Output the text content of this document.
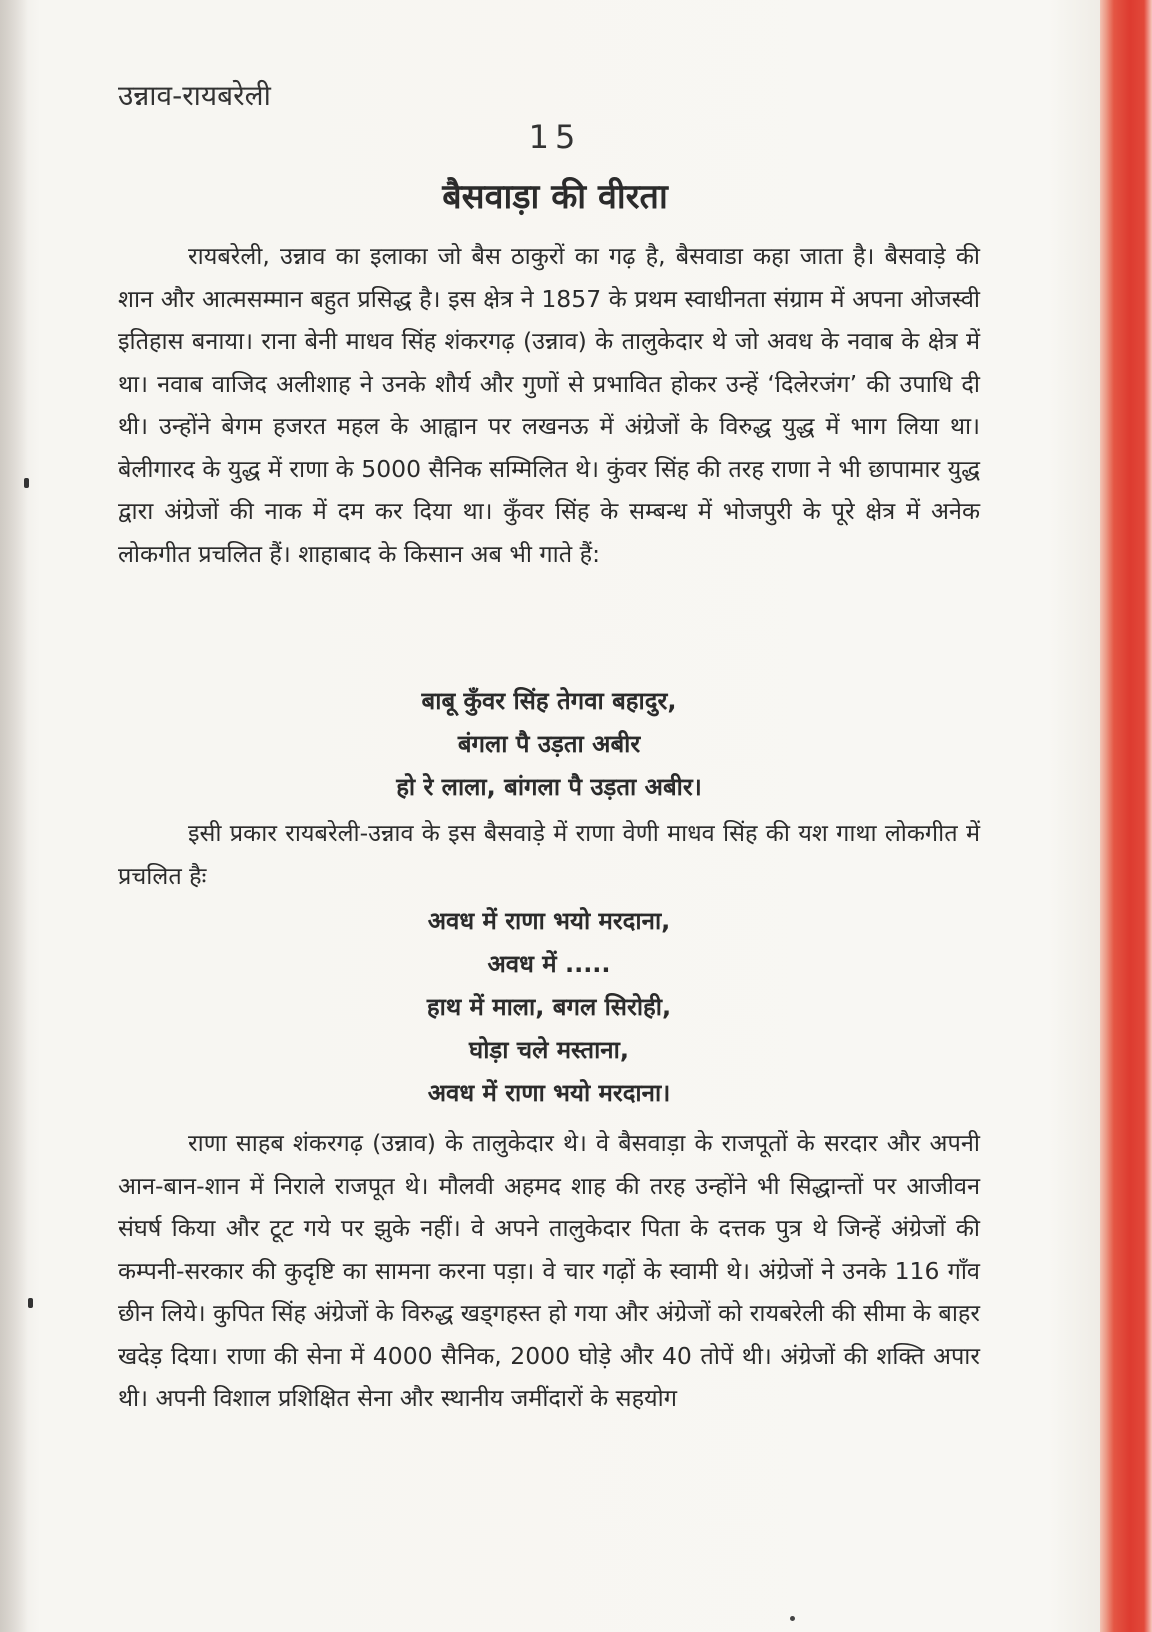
उन्नाव-रायबरेली
15
बैसवाड़ा की वीरता

रायबरेली, उन्नाव का इलाका जो बैस ठाकुरों का गढ़ है, बैसवाडा कहा जाता है। बैसवाड़े की शान और आत्मसम्मान बहुत प्रसिद्ध है। इस क्षेत्र ने 1857 के प्रथम स्वाधीनता संग्राम में अपना ओजस्वी इतिहास बनाया। राना बेनी माधव सिंह शंकरगढ़ (उन्नाव) के तालुकेदार थे जो अवध के नवाब के क्षेत्र में था। नवाब वाजिद अलीशाह ने उनके शौर्य और गुणों से प्रभावित होकर उन्हें ‘दिलेरजंग’ की उपाधि दी थी। उन्होंने बेगम हजरत महल के आह्वान पर लखनऊ में अंग्रेजों के विरुद्ध युद्ध में भाग लिया था। बेलीगारद के युद्ध में राणा के 5000 सैनिक सम्मिलित थे। कुंवर सिंह की तरह राणा ने भी छापामार युद्ध द्वारा अंग्रेजों की नाक में दम कर दिया था। कुँवर सिंह के सम्बन्ध में भोजपुरी के पूरे क्षेत्र में अनेक लोकगीत प्रचलित हैं। शाहाबाद के किसान अब भी गाते हैं:

बाबू कुँवर सिंह तेगवा बहादुर,
बंगला पै उड़ता अबीर
हो रे लाला, बांगला पै उड़ता अबीर।

इसी प्रकार रायबरेली-उन्नाव के इस बैसवाड़े में राणा वेणी माधव सिंह की यश गाथा लोकगीत में प्रचलित हैः

अवध में राणा भयो मरदाना,
अवध में .....
हाथ में माला, बगल सिरोही,
घोड़ा चले मस्ताना,
अवध में राणा भयो मरदाना।

राणा साहब शंकरगढ़ (उन्नाव) के तालुकेदार थे। वे बैसवाड़ा के राजपूतों के सरदार और अपनी आन-बान-शान में निराले राजपूत थे। मौलवी अहमद शाह की तरह उन्होंने भी सिद्धान्तों पर आजीवन संघर्ष किया और टूट गये पर झुके नहीं। वे अपने तालुकेदार पिता के दत्तक पुत्र थे जिन्हें अंग्रेजों की कम्पनी-सरकार की कुदृष्टि का सामना करना पड़ा। वे चार गढ़ों के स्वामी थे। अंग्रेजों ने उनके 116 गाँव छीन लिये। कुपित सिंह अंग्रेजों के विरुद्ध खड्गहस्त हो गया और अंग्रेजों को रायबरेली की सीमा के बाहर खदेड़ दिया। राणा की सेना में 4000 सैनिक, 2000 घोड़े और 40 तोपें थी। अंग्रेजों की शक्ति अपार थी। अपनी विशाल प्रशिक्षित सेना और स्थानीय जमींदारों के सहयोग
